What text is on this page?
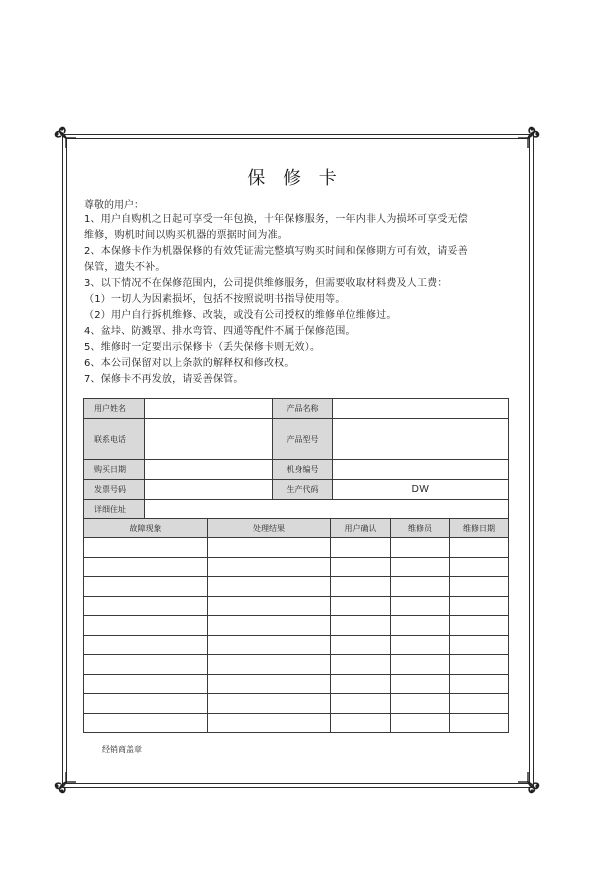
保 修 卡
尊敬的用户：
1、用户自购机之日起可享受一年包换，十年保修服务，一年内非人为损坏可享受无偿
维修，购机时间以购买机器的票据时间为准。
2、本保修卡作为机器保修的有效凭证需完整填写购买时间和保修期方可有效，请妥善
保管，遗失不补。
3、以下情况不在保修范围内，公司提供维修服务，但需要收取材料费及人工费：
（1）一切人为因素损坏，包括不按照说明书指导使用等。
（2）用户自行拆机维修、改装，或没有公司授权的维修单位维修过。
4、盆垰、防溅罩、排水弯管、四通等配件不属于保修范围。
5、维修时一定要出示保修卡（丢失保修卡则无效）。
6、本公司保留对以上条款的解释权和修改权。
7、保修卡不再发放，请妥善保管。
用户姓名		产品名称	
联系电话		产品型号	
购买日期		机身编号	
发票号码		生产代码	DW
详细住址			
故障现象	处理结果	用户确认	维修员	维修日期

经销商盖章
